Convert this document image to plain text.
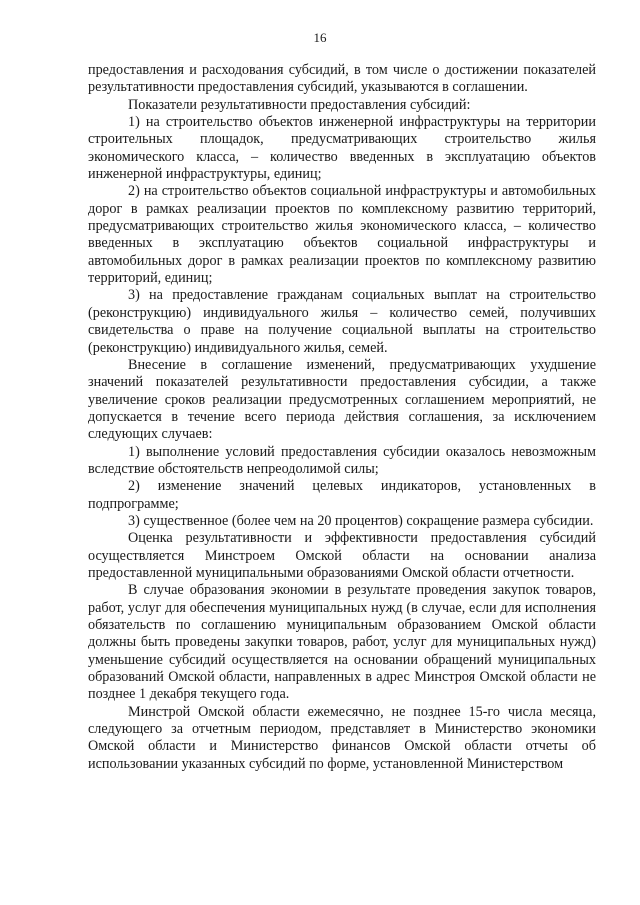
16

предоставления и расходования субсидий, в том числе о достижении показателей результативности предоставления субсидий, указываются в соглашении.

Показатели результативности предоставления субсидий:

1) на строительство объектов инженерной инфраструктуры на территории строительных площадок, предусматривающих строительство жилья экономического класса, – количество введенных в эксплуатацию объектов инженерной инфраструктуры, единиц;

2) на строительство объектов социальной инфраструктуры и автомобильных дорог в рамках реализации проектов по комплексному развитию территорий, предусматривающих строительство жилья экономического класса, – количество введенных в эксплуатацию объектов социальной инфраструктуры и автомобильных дорог в рамках реализации проектов по комплексному развитию территорий, единиц;

3) на предоставление гражданам социальных выплат на строительство (реконструкцию) индивидуального жилья – количество семей, получивших свидетельства о праве на получение социальной выплаты на строительство (реконструкцию) индивидуального жилья, семей.

Внесение в соглашение изменений, предусматривающих ухудшение значений показателей результативности предоставления субсидии, а также увеличение сроков реализации предусмотренных соглашением мероприятий, не допускается в течение всего периода действия соглашения, за исключением следующих случаев:

1) выполнение условий предоставления субсидии оказалось невозможным вследствие обстоятельств непреодолимой силы;

2) изменение значений целевых индикаторов, установленных в подпрограмме;

3) существенное (более чем на 20 процентов) сокращение размера субсидии.

Оценка результативности и эффективности предоставления субсидий осуществляется Минстроем Омской области на основании анализа предоставленной муниципальными образованиями Омской области отчетности.

В случае образования экономии в результате проведения закупок товаров, работ, услуг для обеспечения муниципальных нужд (в случае, если для исполнения обязательств по соглашению муниципальным образованием Омской области должны быть проведены закупки товаров, работ, услуг для муниципальных нужд) уменьшение субсидий осуществляется на основании обращений муниципальных образований Омской области, направленных в адрес Минстроя Омской области не позднее 1 декабря текущего года.

Минстрой Омской области ежемесячно, не позднее 15-го числа месяца, следующего за отчетным периодом, представляет в Министерство экономики Омской области и Министерство финансов Омской области отчеты об использовании указанных субсидий по форме, установленной Министерством
